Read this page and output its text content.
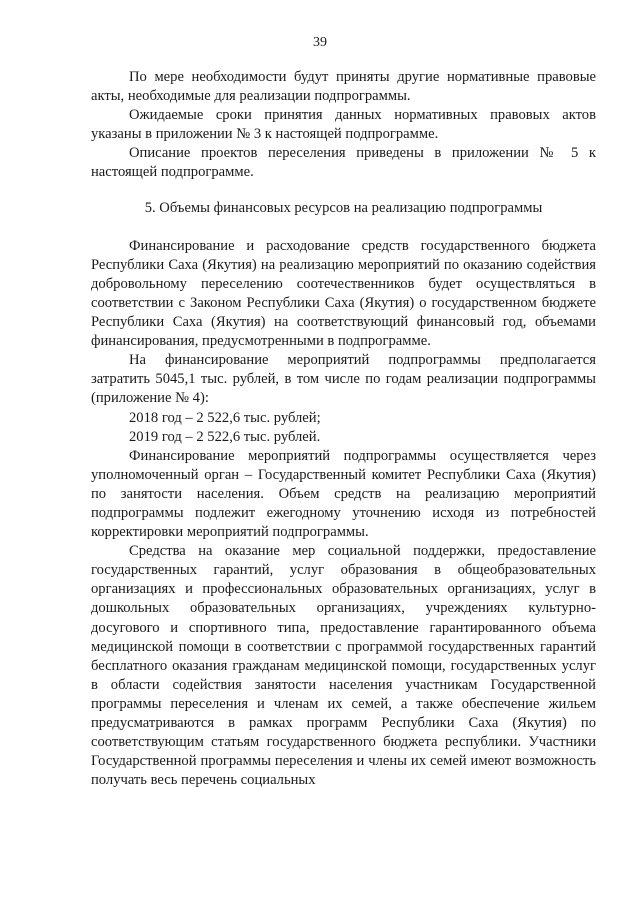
39

По мере необходимости будут приняты другие нормативные правовые акты, необходимые для реализации подпрограммы.

Ожидаемые сроки принятия данных нормативных правовых актов указаны в приложении № 3 к настоящей подпрограмме.

Описание проектов переселения приведены в приложении № 5 к настоящей подпрограмме.

5. Объемы финансовых ресурсов на реализацию подпрограммы

Финансирование и расходование средств государственного бюджета Республики Саха (Якутия) на реализацию мероприятий по оказанию содействия добровольному переселению соотечественников будет осуществляться в соответствии с Законом Республики Саха (Якутия) о государственном бюджете Республики Саха (Якутия) на соответствующий финансовый год, объемами финансирования, предусмотренными в подпрограмме.

На финансирование мероприятий подпрограммы предполагается затратить 5045,1 тыс. рублей, в том числе по годам реализации подпрограммы (приложение № 4):

2018 год – 2 522,6 тыс. рублей;

2019 год – 2 522,6 тыс. рублей.

Финансирование мероприятий подпрограммы осуществляется через уполномоченный орган – Государственный комитет Республики Саха (Якутия) по занятости населения. Объем средств на реализацию мероприятий подпрограммы подлежит ежегодному уточнению исходя из потребностей корректировки мероприятий подпрограммы.

Средства на оказание мер социальной поддержки, предоставление государственных гарантий, услуг образования в общеобразовательных организациях и профессиональных образовательных организациях, услуг в дошкольных образовательных организациях, учреждениях культурно-досугового и спортивного типа, предоставление гарантированного объема медицинской помощи в соответствии с программой государственных гарантий бесплатного оказания гражданам медицинской помощи, государственных услуг в области содействия занятости населения участникам Государственной программы переселения и членам их семей, а также обеспечение жильем предусматриваются в рамках программ Республики Саха (Якутия) по соответствующим статьям государственного бюджета республики. Участники Государственной программы переселения и члены их семей имеют возможность получать весь перечень социальных
